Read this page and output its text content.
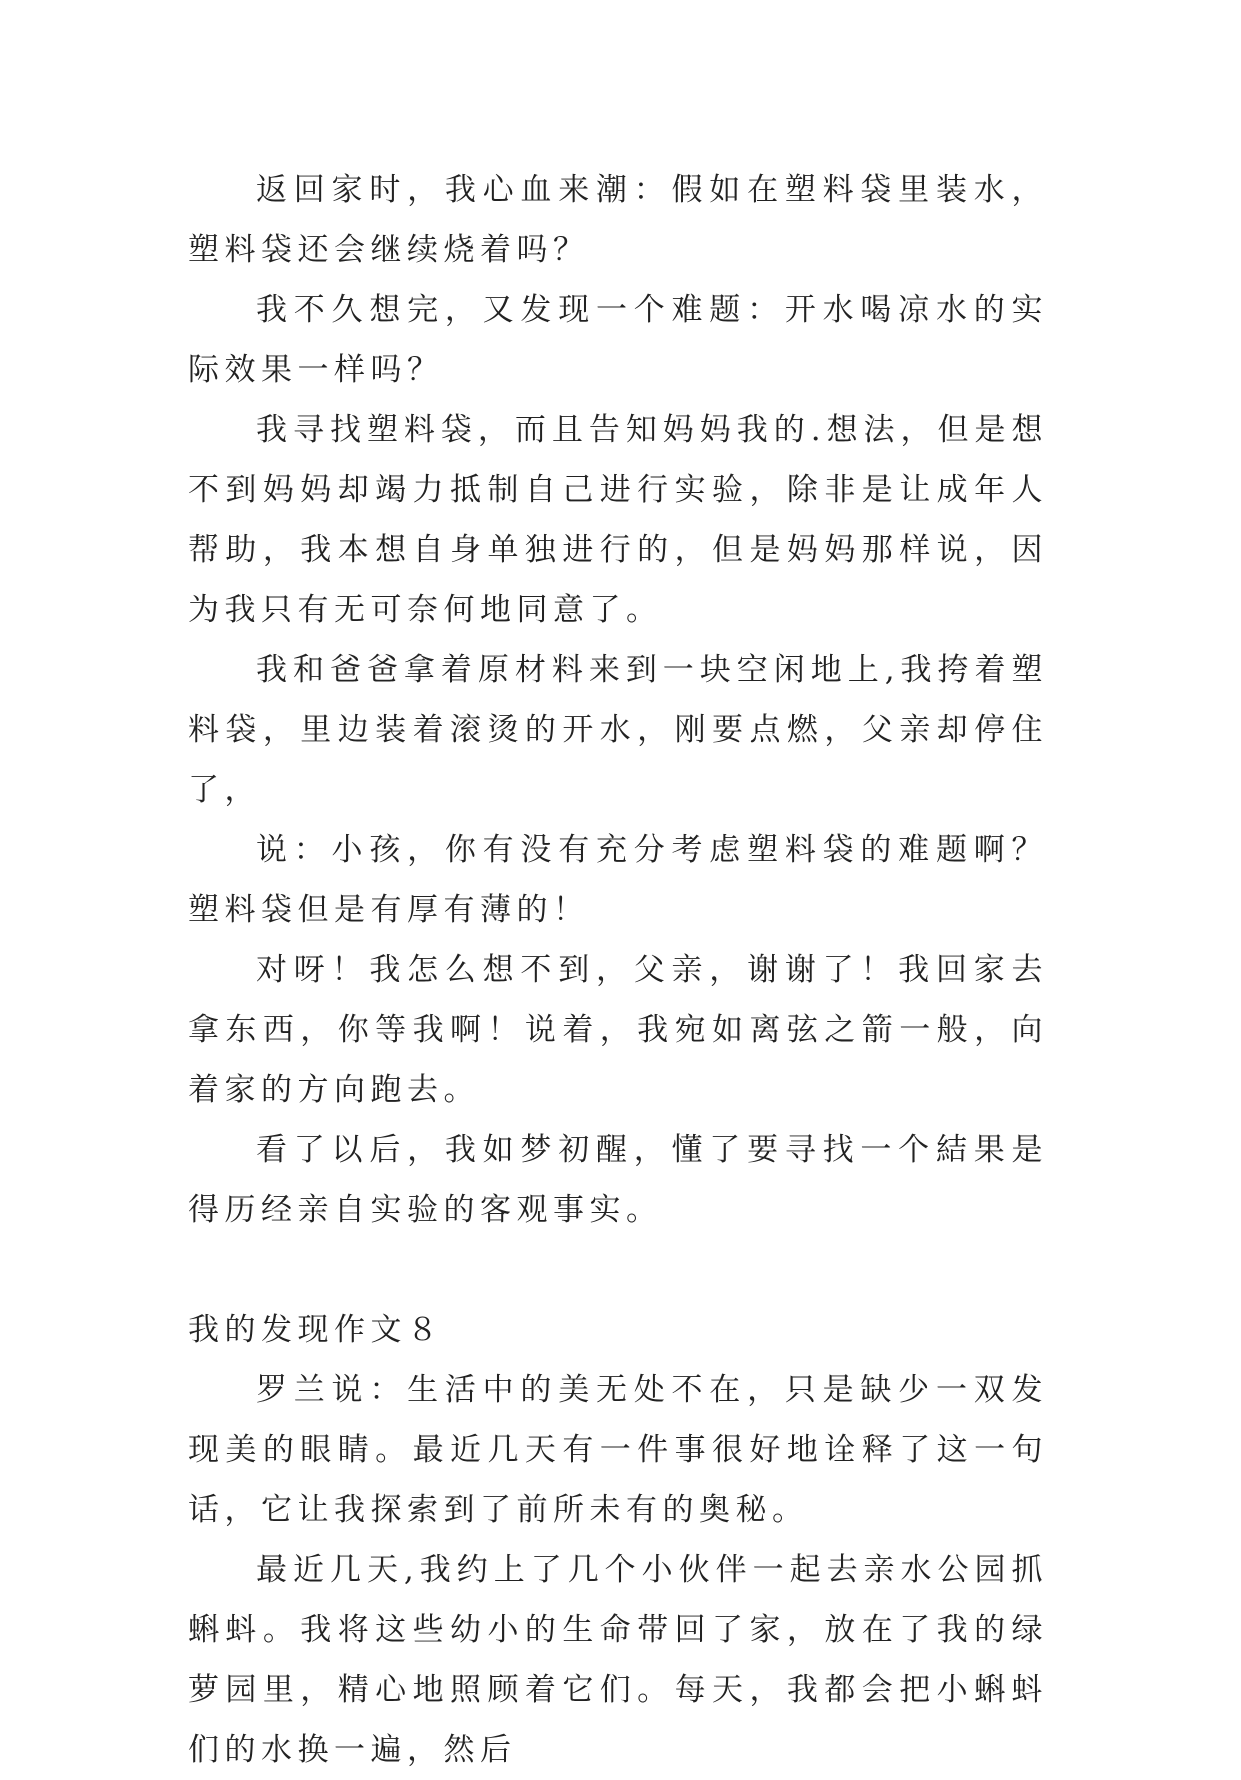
返回家时，我心血来潮：假如在塑料袋里装水，塑料袋还会继续烧着吗？

我不久想完，又发现一个难题：开水喝凉水的实际效果一样吗？

我寻找塑料袋，而且告知妈妈我的.想法，但是想不到妈妈却竭力抵制自己进行实验，除非是让成年人帮助，我本想自身单独进行的，但是妈妈那样说，因为我只有无可奈何地同意了。

我和爸爸拿着原材料来到一块空闲地上,我挎着塑料袋，里边装着滚烫的开水，刚要点燃，父亲却停住了，

说：小孩，你有没有充分考虑塑料袋的难题啊？塑料袋但是有厚有薄的！

对呀！我怎么想不到，父亲，谢谢了！我回家去拿东西，你等我啊！说着，我宛如离弦之箭一般，向着家的方向跑去。

看了以后，我如梦初醒，懂了要寻找一个結果是得历经亲自实验的客观事实。

我的发现作文８

罗兰说：生活中的美无处不在，只是缺少一双发现美的眼睛。最近几天有一件事很好地诠释了这一句话，它让我探索到了前所未有的奥秘。

最近几天,我约上了几个小伙伴一起去亲水公园抓蝌蚪。我将这些幼小的生命带回了家，放在了我的绿萝园里，精心地照顾着它们。每天，我都会把小蝌蚪们的水换一遍，然后
